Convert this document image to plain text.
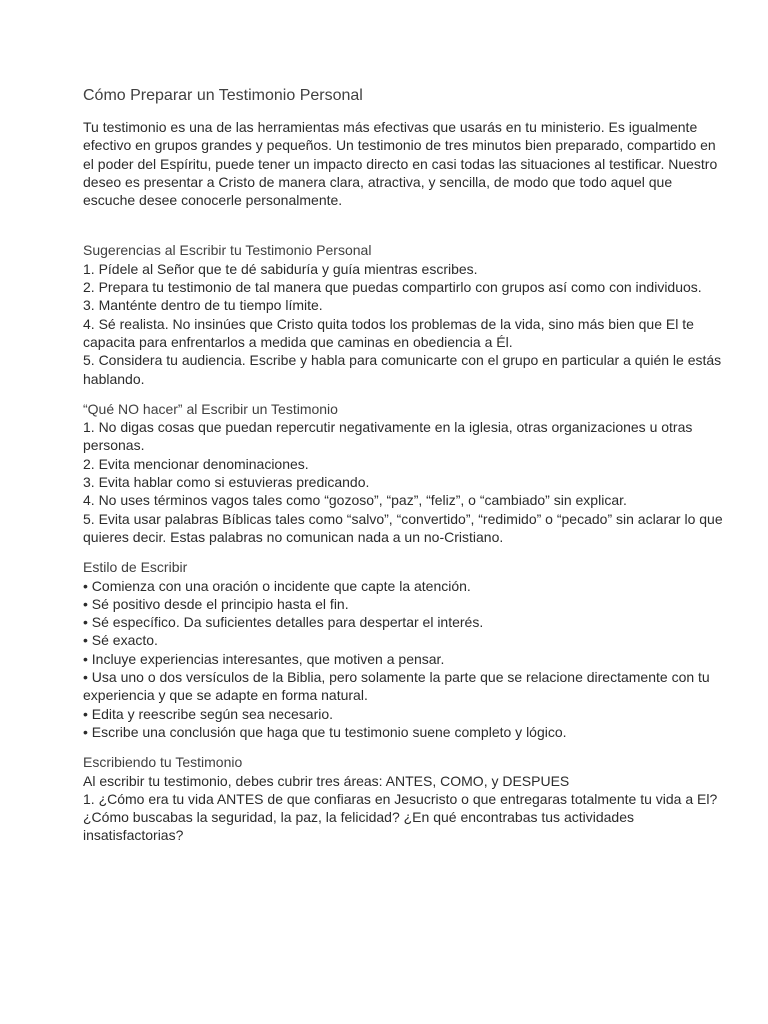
Cómo Preparar un Testimonio Personal

Tu testimonio es una de las herramientas más efectivas que usarás en tu ministerio. Es igualmente efectivo en grupos grandes y pequeños. Un testimonio de tres minutos bien preparado, compartido en el poder del Espíritu, puede tener un impacto directo en casi todas las situaciones al testificar. Nuestro deseo es presentar a Cristo de manera clara, atractiva, y sencilla, de modo que todo aquel que escuche desee conocerle personalmente.

Sugerencias al Escribir tu Testimonio Personal

1. Pídele al Señor que te dé sabiduría y guía mientras escribes.

2. Prepara tu testimonio de tal manera que puedas compartirlo con grupos así como con individuos.

3. Manténte dentro de tu tiempo límite.

4. Sé realista. No insinúes que Cristo quita todos los problemas de la vida, sino más bien que El te capacita para enfrentarlos a medida que caminas en obediencia a Él.

5. Considera tu audiencia. Escribe y habla para comunicarte con el grupo en particular a quién le estás hablando.

“Qué NO hacer” al Escribir un Testimonio

1. No digas cosas que puedan repercutir negativamente en la iglesia, otras organizaciones u otras personas.

2. Evita mencionar denominaciones.

3. Evita hablar como si estuvieras predicando.

4. No uses términos vagos tales como “gozoso”, “paz”, “feliz”, o “cambiado” sin explicar.

5. Evita usar palabras Bíblicas tales como “salvo”, “convertido”, “redimido” o “pecado” sin aclarar lo que quieres decir. Estas palabras no comunican nada a un no-Cristiano.

Estilo de Escribir

• Comienza con una oración o incidente que capte la atención.

• Sé positivo desde el principio hasta el fin.

• Sé específico. Da suficientes detalles para despertar el interés.

• Sé exacto.

• Incluye experiencias interesantes, que motiven a pensar.

• Usa uno o dos versículos de la Biblia, pero solamente la parte que se relacione directamente con tu experiencia y que se adapte en forma natural.

• Edita y reescribe según sea necesario.

• Escribe una conclusión que haga que tu testimonio suene completo y lógico.

Escribiendo tu Testimonio

Al escribir tu testimonio, debes cubrir tres áreas: ANTES, COMO, y DESPUES

1. ¿Cómo era tu vida ANTES de que confiaras en Jesucristo o que entregaras totalmente tu vida a El?

¿Cómo buscabas la seguridad, la paz, la felicidad? ¿En qué encontrabas tus actividades insatisfactorias?
